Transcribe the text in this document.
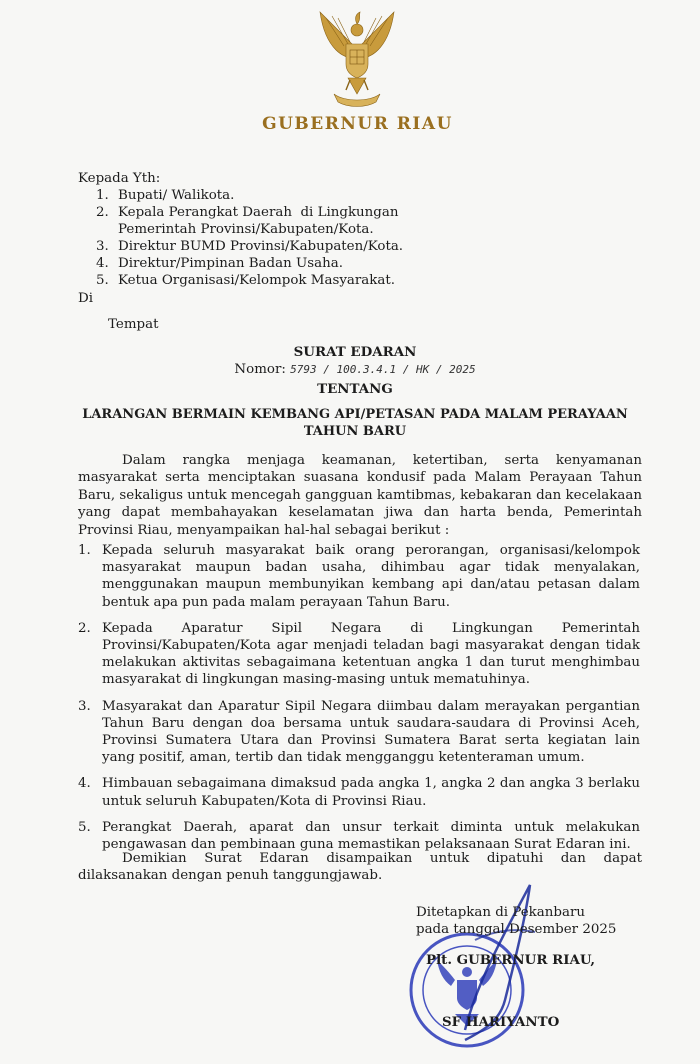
GUBERNUR RIAU
Kepada Yth:
1. Bupati/ Walikota.
2. Kepala Perangkat Daerah  di Lingkungan
Pemerintah Provinsi/Kabupaten/Kota.
3. Direktur BUMD Provinsi/Kabupaten/Kota.
4. Direktur/Pimpinan Badan Usaha.
5. Ketua Organisasi/Kelompok Masyarakat.
Di
Tempat
SURAT EDARAN
Nomor: 5793 / 100.3.4.1 / HK / 2025
TENTANG
LARANGAN BERMAIN KEMBANG API/PETASAN PADA MALAM PERAYAAN
TAHUN BARU
Dalam rangka menjaga keamanan, ketertiban, serta kenyamanan masyarakat serta menciptakan suasana kondusif pada Malam Perayaan Tahun Baru, sekaligus untuk mencegah gangguan kamtibmas, kebakaran dan kecelakaan yang dapat membahayakan keselamatan jiwa dan harta benda, Pemerintah Provinsi Riau, menyampaikan hal-hal sebagai berikut :
1. Kepada seluruh masyarakat baik orang perorangan, organisasi/kelompok masyarakat maupun badan usaha, dihimbau agar tidak menyalakan, menggunakan maupun membunyikan kembang api dan/atau petasan dalam bentuk apa pun pada malam perayaan Tahun Baru.
2. Kepada Aparatur Sipil Negara di Lingkungan Pemerintah Provinsi/Kabupaten/Kota agar menjadi teladan bagi masyarakat dengan tidak melakukan aktivitas sebagaimana ketentuan angka 1 dan turut menghimbau masyarakat di lingkungan masing-masing untuk mematuhinya.
3. Masyarakat dan Aparatur Sipil Negara diimbau dalam merayakan pergantian Tahun Baru dengan doa bersama untuk saudara-saudara di Provinsi Aceh, Provinsi Sumatera Utara dan Provinsi Sumatera Barat serta kegiatan lain yang positif, aman, tertib dan tidak mengganggu ketenteraman umum.
4. Himbauan sebagaimana dimaksud pada angka 1, angka 2 dan angka 3 berlaku untuk seluruh Kabupaten/Kota di Provinsi Riau.
5. Perangkat Daerah, aparat dan unsur terkait diminta untuk melakukan pengawasan dan pembinaan guna memastikan pelaksanaan Surat Edaran ini.
Demikian Surat Edaran disampaikan untuk dipatuhi dan dapat dilaksanakan dengan penuh tanggungjawab.
Ditetapkan di Pekanbaru
pada tanggal Desember 2025
Plt. GUBERNUR RIAU,
SF HARIYANTO
